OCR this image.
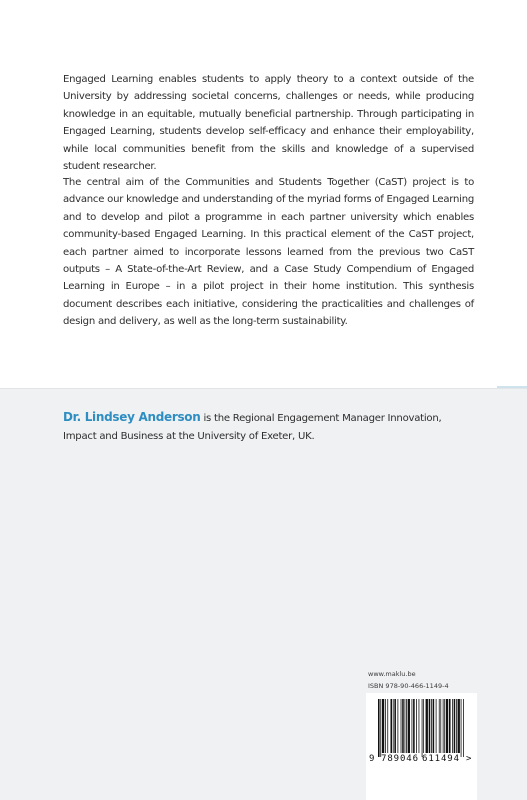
Engaged Learning enables students to apply theory to a context outside of the University by addressing societal concerns, challenges or needs, while producing knowledge in an equitable, mutually beneficial partnership. Through participating in Engaged Learning, students develop self-efficacy and enhance their employability, while local communities benefit from the skills and knowledge of a supervised student researcher.

The central aim of the Communities and Students Together (CaST) project is to advance our knowledge and understanding of the myriad forms of Engaged Learning and to develop and pilot a programme in each partner university which enables community-based Engaged Learning. In this practical element of the CaST project, each partner aimed to incorporate lessons learned from the previous two CaST outputs – A State-of-the-Art Review, and a Case Study Compendium of Engaged Learning in Europe – in a pilot project in their home institution. This synthesis document describes each initiative, considering the practicalities and challenges of design and delivery, as well as the long-term sustainability.

Dr. Lindsey Anderson is the Regional Engagement Manager Innovation, Impact and Business at the University of Exeter, UK.

www.maklu.be
ISBN 978-90-466-1149-4
9 789046 611494 >
